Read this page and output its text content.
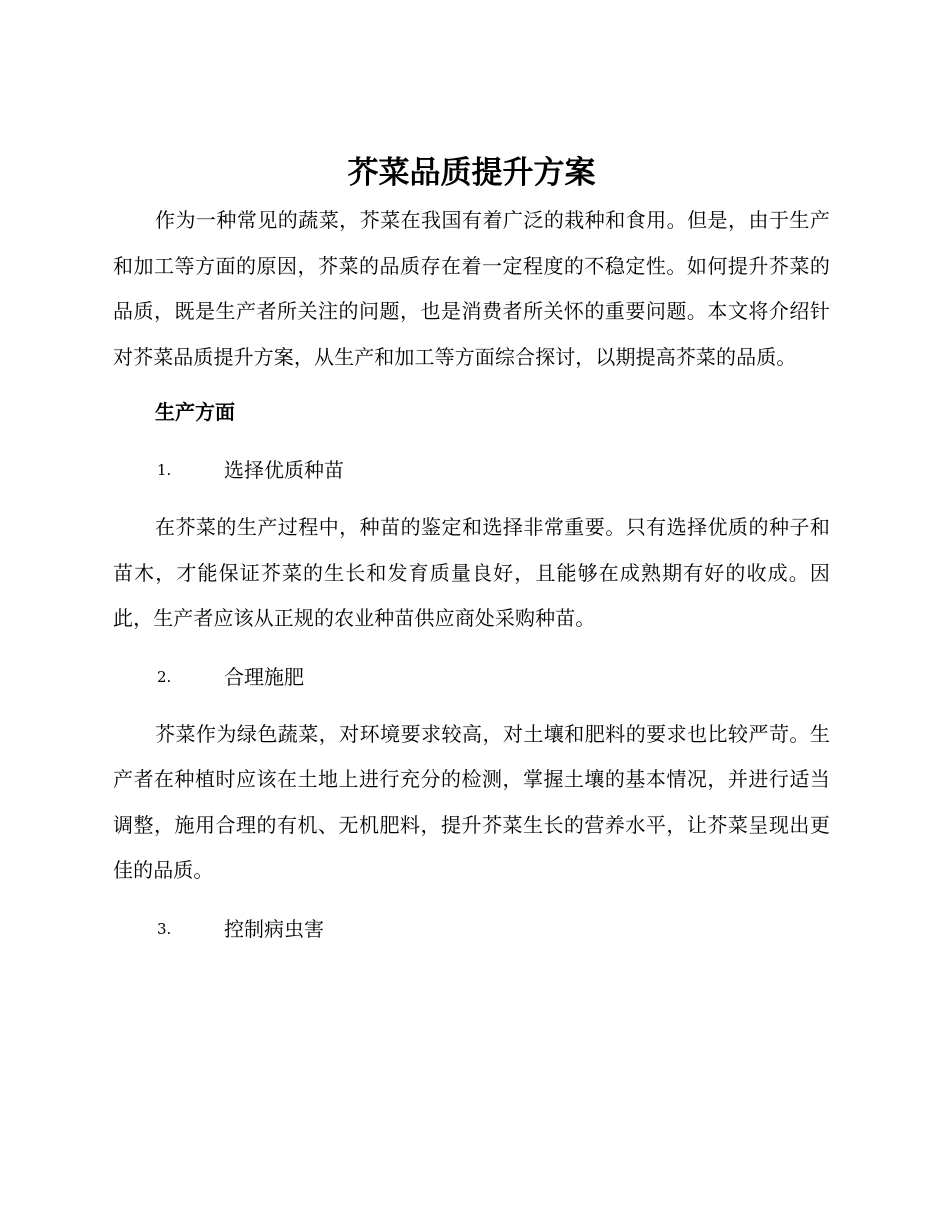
芥菜品质提升方案

作为一种常见的蔬菜，芥菜在我国有着广泛的栽种和食用。但是，由于生产和加工等方面的原因，芥菜的品质存在着一定程度的不稳定性。如何提升芥菜的品质，既是生产者所关注的问题，也是消费者所关怀的重要问题。本文将介绍针对芥菜品质提升方案，从生产和加工等方面综合探讨，以期提高芥菜的品质。

生产方面
1.	选择优质种苗

在芥菜的生产过程中，种苗的鉴定和选择非常重要。只有选择优质的种子和苗木，才能保证芥菜的生长和发育质量良好，且能够在成熟期有好的收成。因此，生产者应该从正规的农业种苗供应商处采购种苗。

2.	合理施肥

芥菜作为绿色蔬菜，对环境要求较高，对土壤和肥料的要求也比较严苛。生产者在种植时应该在土地上进行充分的检测，掌握土壤的基本情况，并进行适当调整，施用合理的有机、无机肥料，提升芥菜生长的营养水平，让芥菜呈现出更佳的品质。

3.	控制病虫害
